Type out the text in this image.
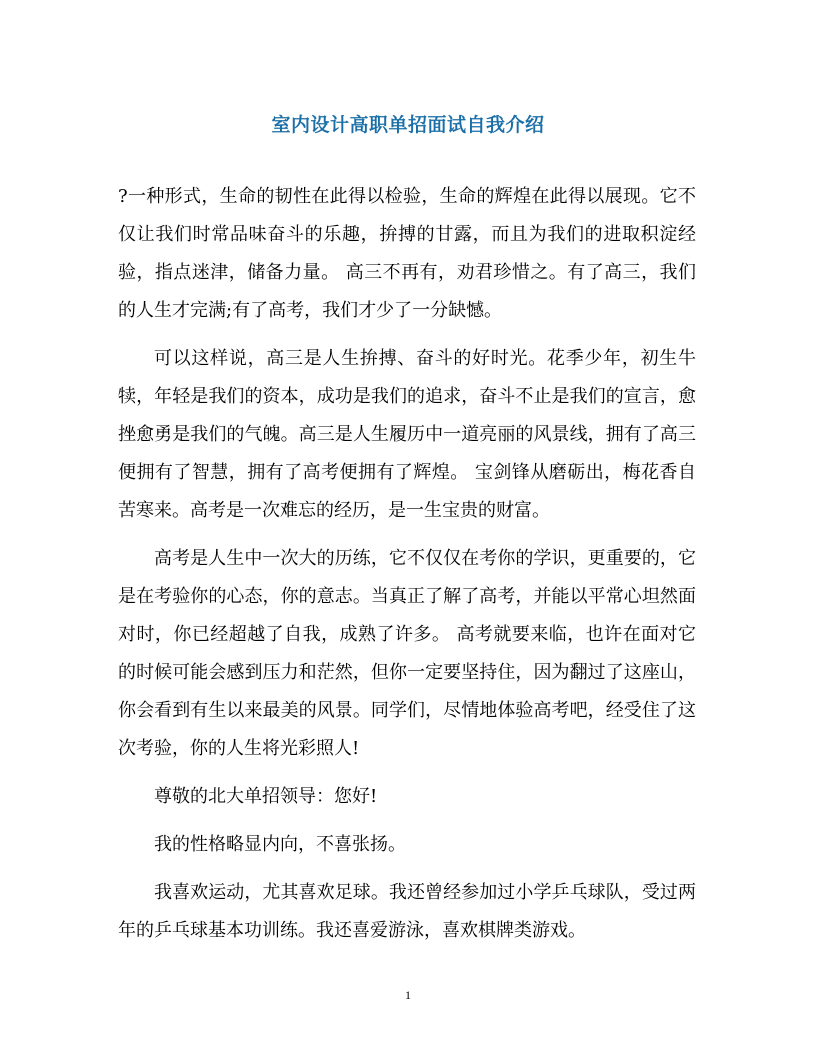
室内设计高职单招面试自我介绍

?一种形式，生命的韧性在此得以检验，生命的辉煌在此得以展现。它不仅让我们时常品味奋斗的乐趣，拚搏的甘露，而且为我们的进取积淀经验，指点迷津，储备力量。 高三不再有，劝君珍惜之。有了高三，我们的人生才完满;有了高考，我们才少了一分缺憾。

可以这样说，高三是人生拚搏、奋斗的好时光。花季少年，初生牛犊，年轻是我们的资本，成功是我们的追求，奋斗不止是我们的宣言，愈挫愈勇是我们的气魄。高三是人生履历中一道亮丽的风景线，拥有了高三便拥有了智慧，拥有了高考便拥有了辉煌。 宝剑锋从磨砺出，梅花香自苦寒来。高考是一次难忘的经历，是一生宝贵的财富。

高考是人生中一次大的历练，它不仅仅在考你的学识，更重要的，它是在考验你的心态，你的意志。当真正了解了高考，并能以平常心坦然面对时，你已经超越了自我，成熟了许多。 高考就要来临，也许在面对它的时候可能会感到压力和茫然，但你一定要坚持住，因为翻过了这座山，你会看到有生以来最美的风景。同学们，尽情地体验高考吧，经受住了这次考验，你的人生将光彩照人!

尊敬的北大单招领导：您好!

我的性格略显内向，不喜张扬。

我喜欢运动，尤其喜欢足球。我还曾经参加过小学乒乓球队，受过两年的乒乓球基本功训练。我还喜爱游泳，喜欢棋牌类游戏。

1
